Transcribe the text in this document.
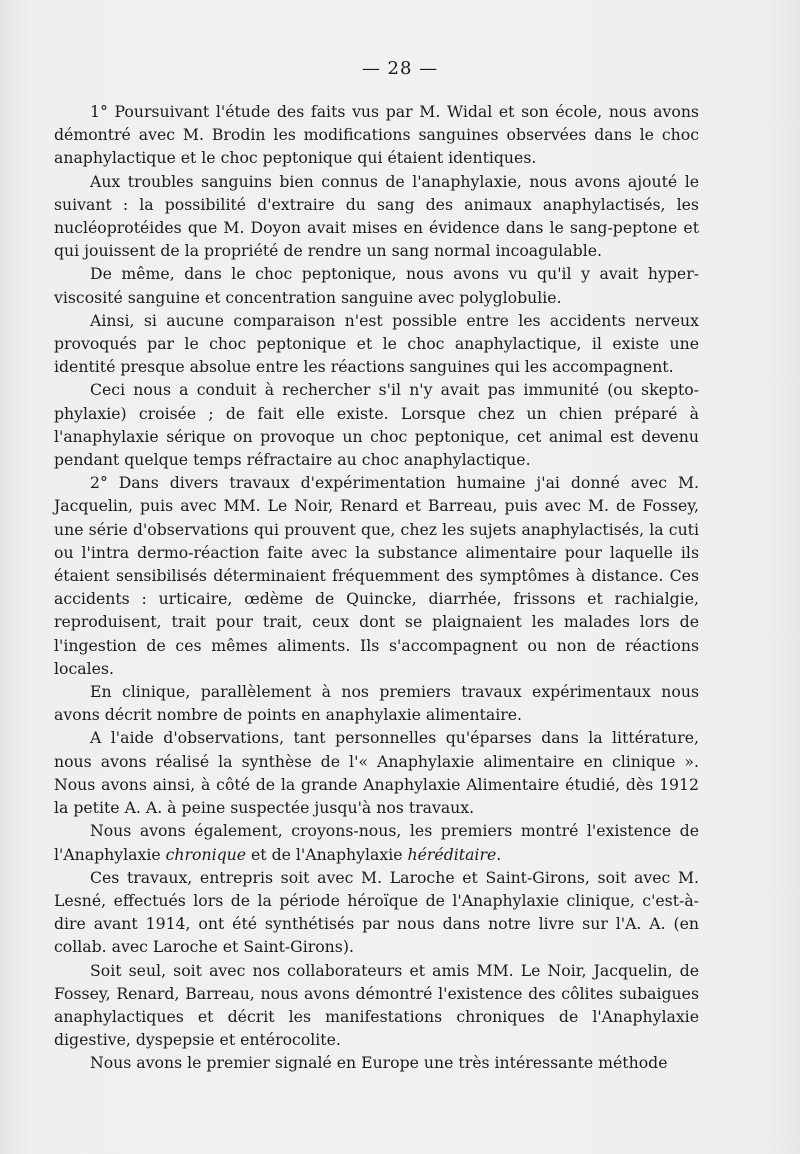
— 28 —

1° Poursuivant l'étude des faits vus par M. Widal et son école, nous avons démontré avec M. Brodin les modifications sanguines observées dans le choc anaphylactique et le choc peptonique qui étaient identiques.

Aux troubles sanguins bien connus de l'anaphylaxie, nous avons ajouté le suivant : la possibilité d'extraire du sang des animaux anaphylactisés, les nucléoprotéides que M. Doyon avait mises en évidence dans le sang-peptone et qui jouissent de la propriété de rendre un sang normal incoagulable.

De même, dans le choc peptonique, nous avons vu qu'il y avait hyper-viscosité sanguine et concentration sanguine avec polyglobulie.

Ainsi, si aucune comparaison n'est possible entre les accidents nerveux provoqués par le choc peptonique et le choc anaphylactique, il existe une identité presque absolue entre les réactions sanguines qui les accompagnent.

Ceci nous a conduit à rechercher s'il n'y avait pas immunité (ou skepto-phylaxie) croisée ; de fait elle existe. Lorsque chez un chien préparé à l'anaphylaxie sérique on provoque un choc peptonique, cet animal est devenu pendant quelque temps réfractaire au choc anaphylactique.

2° Dans divers travaux d'expérimentation humaine j'ai donné avec M. Jacquelin, puis avec MM. Le Noir, Renard et Barreau, puis avec M. de Fossey, une série d'observations qui prouvent que, chez les sujets anaphylactisés, la cuti ou l'intra dermo-réaction faite avec la substance alimentaire pour laquelle ils étaient sensibilisés déterminaient fréquemment des symptômes à distance. Ces accidents : urticaire, œdème de Quincke, diarrhée, frissons et rachialgie, reproduisent, trait pour trait, ceux dont se plaignaient les malades lors de l'ingestion de ces mêmes aliments. Ils s'accompagnent ou non de réactions locales.

En clinique, parallèlement à nos premiers travaux expérimentaux nous avons décrit nombre de points en anaphylaxie alimentaire.

A l'aide d'observations, tant personnelles qu'éparses dans la littérature, nous avons réalisé la synthèse de l'« Anaphylaxie alimentaire en clinique ». Nous avons ainsi, à côté de la grande Anaphylaxie Alimentaire étudié, dès 1912 la petite A. A. à peine suspectée jusqu'à nos travaux.

Nous avons également, croyons-nous, les premiers montré l'existence de l'Anaphylaxie chronique et de l'Anaphylaxie héréditaire.

Ces travaux, entrepris soit avec M. Laroche et Saint-Girons, soit avec M. Lesné, effectués lors de la période héroïque de l'Anaphylaxie clinique, c'est-à-dire avant 1914, ont été synthétisés par nous dans notre livre sur l'A. A. (en collab. avec Laroche et Saint-Girons).

Soit seul, soit avec nos collaborateurs et amis MM. Le Noir, Jacquelin, de Fossey, Renard, Barreau, nous avons démontré l'existence des côlites subaigues anaphylactiques et décrit les manifestations chroniques de l'Anaphylaxie digestive, dyspepsie et entérocolite.

Nous avons le premier signalé en Europe une très intéressante méthode
